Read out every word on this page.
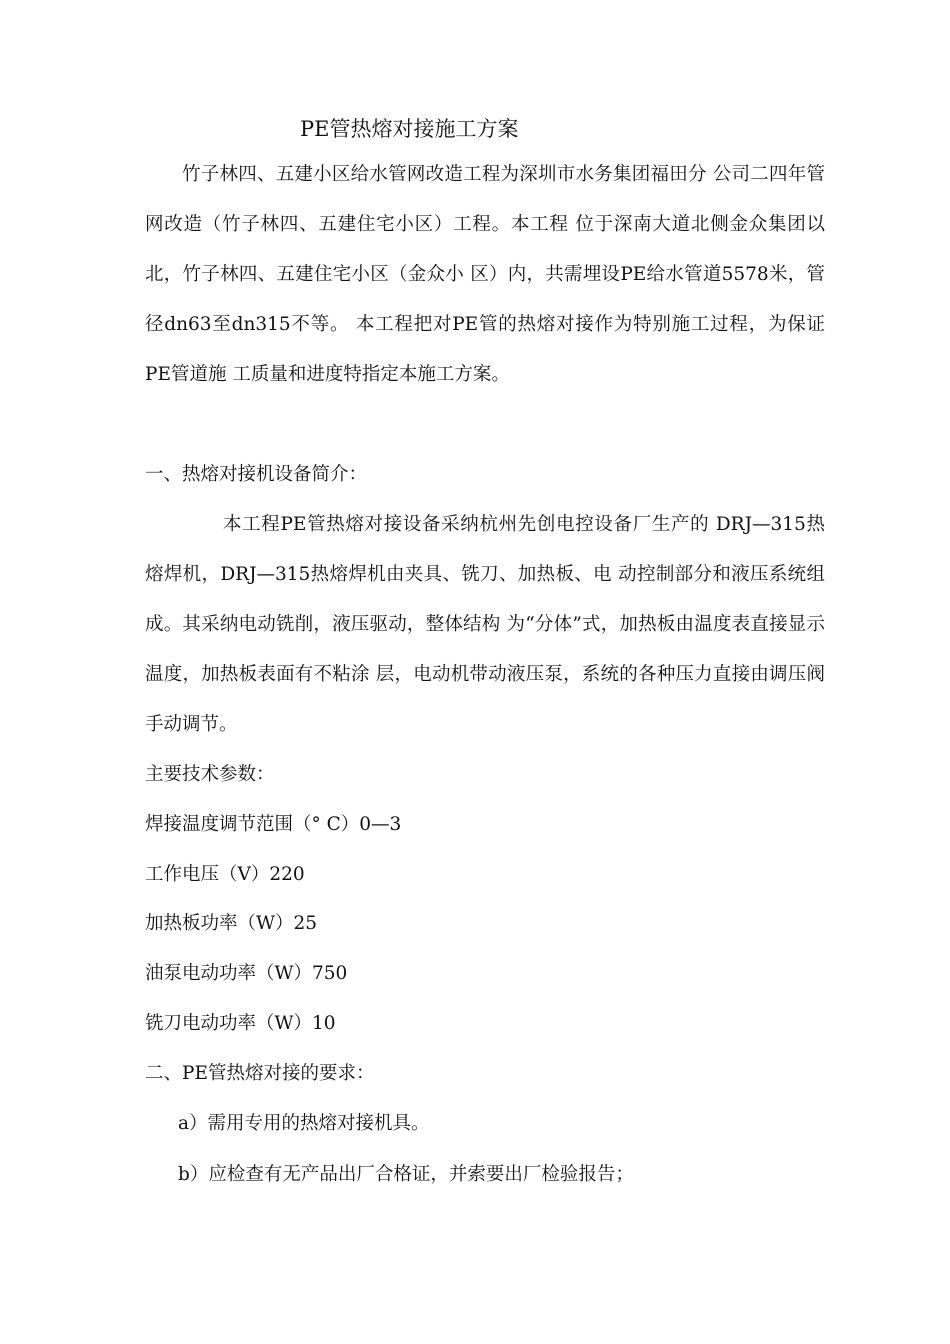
PE管热熔对接施工方案
竹子林四、五建小区给水管网改造工程为深圳市水务集团福田分 公司二四年管网改造（竹子林四、五建住宅小区）工程。本工程 位于深南大道北侧金众集团以北，竹子林四、五建住宅小区（金众小 区）内，共需埋设PE给水管道5578米，管径dn63至dn315不等。 本工程把对PE管的热熔对接作为特别施工过程，为保证PE管道施 工质量和进度特指定本施工方案。
一、热熔对接机设备简介：
本工程PE管热熔对接设备采纳杭州先创电控设备厂生产的 DRJ—315热熔焊机，DRJ—315热熔焊机由夹具、铣刀、加热板、电 动控制部分和液压系统组成。其采纳电动铣削，液压驱动，整体结构 为“分体”式，加热板由温度表直接显示温度，加热板表面有不粘涂 层，电动机带动液压泵，系统的各种压力直接由调压阀手动调节。
主要技术参数：
焊接温度调节范围（° C）0—3
工作电压（V）220
加热板功率（W）25
油泵电动功率（W）750
铣刀电动功率（W）10
二、PE管热熔对接的要求：
a）需用专用的热熔对接机具。
b）应检查有无产品出厂合格证，并索要出厂检验报告；
